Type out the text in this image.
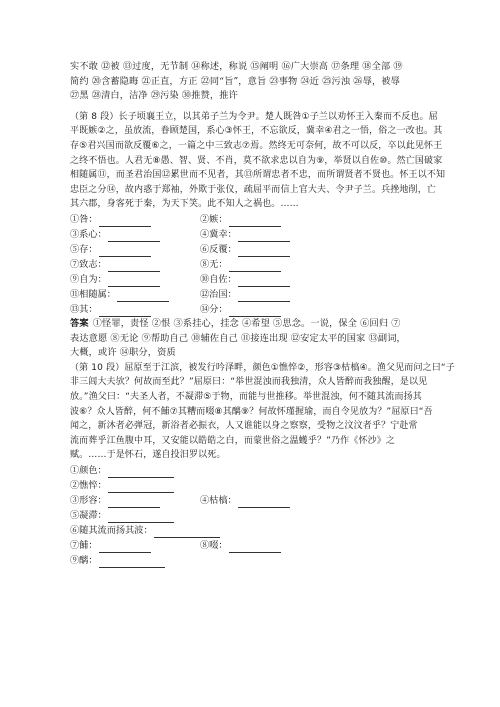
实不敢 ⑫被 ⑬过度，无节制 ⑭称述，称说 ⑮阐明 ⑯广大崇高 ⑰条理 ⑱全部 ⑲
简约 ⑳含蓄隐晦 ㉑正直，方正 ㉒同“旨”，意旨 ㉓事物 ㉔近 ㉕污浊 ㉖辱，被辱
㉗黑 ㉘清白，洁净 ㉙污染 ㉚推赞，推许
（第 8 段）长子顷襄王立，以其弟子兰为令尹。楚人既咎①子兰以劝怀王入秦而不反也。屈
平既嫉②之，虽放流，眷顾楚国，系心③怀王，不忘欲反，冀幸④君之一悟，俗之一改也。其
存⑤君兴国而欲反覆⑥之，一篇之中三致志⑦焉。然终无可奈何，故不可以反，卒以此见怀王
之终不悟也。人君无⑧愚、智、贤、不肖，莫不欲求忠以自为⑨，举贤以自佐⑩。然亡国破家
相随属⑪，而圣君治国⑫累世而不见者，其⑬所谓忠者不忠，而所谓贤者不贤也。怀王以不知
忠臣之分⑭，故内惑于郑袖，外欺于张仪，疏屈平而信上官大夫、令尹子兰。兵挫地削，亡
其六郡，身客死于秦，为天下笑。此不知人之祸也。……
①咎：	②嫉：
③系心：	④冀幸：
⑤存：	⑥反覆：
⑦致志：	⑧无：
⑨自为：	⑩自佐：
⑪相随属：	⑫治国：
⑬其：	⑭分：
答案 ①怪罪，责怪 ②恨 ③系挂心，挂念 ④希望 ⑤思念。一说，保全 ⑥回归 ⑦
表达意愿 ⑧无论 ⑨帮助自己 ⑩辅佐自己 ⑪接连出现 ⑫安定太平的国家 ⑬副词，
大概，或许 ⑭职分，资质
（第 10 段）屈原至于江滨，被发行吟泽畔，颜色①憔悴②，形容③枯槁④。渔父见而问之曰“子
非三闾大夫欤？何故而至此？”屈原曰：“举世混浊而我独清，众人皆醉而我独醒，是以见
放。”渔父曰：“夫圣人者，不凝滞⑤于物，而能与世推移。举世混浊，何不随其流而扬其
波⑥？众人皆醉，何不餔⑦其糟而啜⑧其醨⑨？何故怀瑾握瑜，而自令见放为？”屈原曰“吾
闻之，新沐者必弹冠，新浴者必振衣，人又谁能以身之察察，受物之汶汶者乎？宁赴常
流而葬乎江鱼腹中耳，又安能以皓皓之白，而蒙世俗之温蠖乎？”乃作《怀沙》之
赋。……于是怀石，遂自投汨罗以死。
①颜色：
②憔悴：
③形容：	④枯槁：
⑤凝滞：
⑥随其流而扬其波：
⑦餔：	⑧啜：
⑨醨：
